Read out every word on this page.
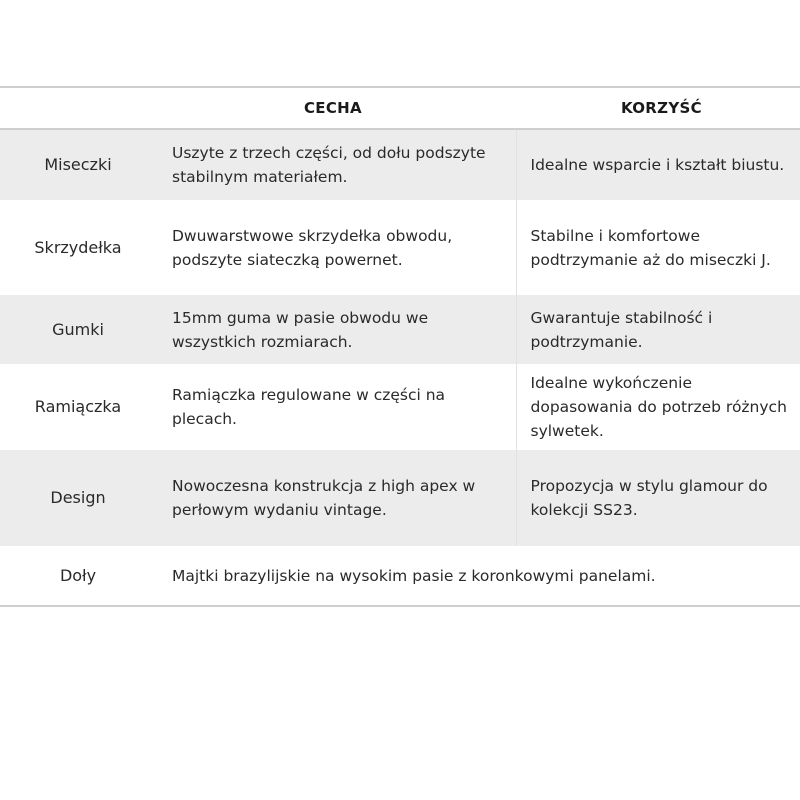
	CECHA	KORZYŚĆ
Miseczki	Uszyte z trzech części, od dołu podszyte stabilnym materiałem.	Idealne wsparcie i kształt biustu.
Skrzydełka	Dwuwarstwowe skrzydełka obwodu, podszyte siateczką powernet.	Stabilne i komfortowe podtrzymanie aż do miseczki J.
Gumki	15mm guma w pasie obwodu we wszystkich rozmiarach.	Gwarantuje stabilność i podtrzymanie.
Ramiączka	Ramiączka regulowane w części na plecach.	Idealne wykończenie dopasowania do potrzeb różnych sylwetek.
Design	Nowoczesna konstrukcja z high apex w perłowym wydaniu vintage.	Propozycja w stylu glamour do kolekcji SS23.
Doły	Majtki brazylijskie na wysokim pasie z koronkowymi panelami.	
